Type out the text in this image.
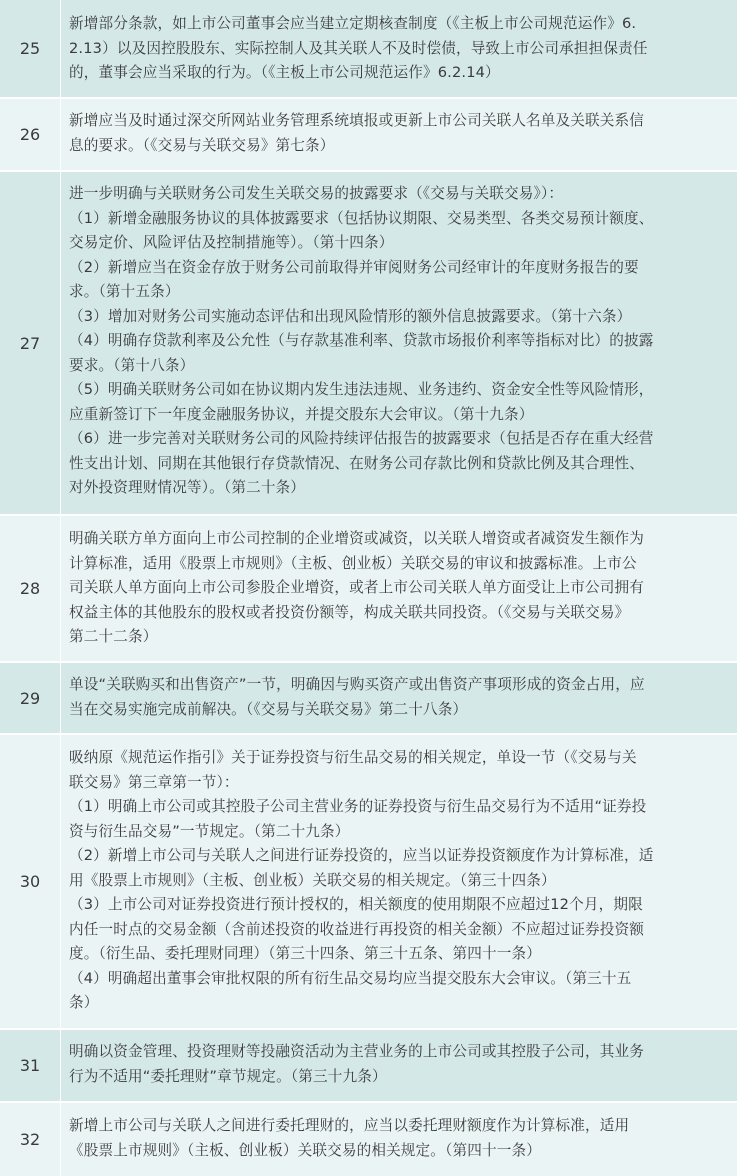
25
新增部分条款，如上市公司董事会应当建立定期核查制度（《主板上市公司规范运作》6.
2.13）以及因控股股东、实际控制人及其关联人不及时偿债，导致上市公司承担担保责任
的，董事会应当采取的行为。（《主板上市公司规范运作》6.2.14）
26
新增应当及时通过深交所网站业务管理系统填报或更新上市公司关联人名单及关联关系信
息的要求。（《交易与关联交易》第七条）
27
进一步明确与关联财务公司发生关联交易的披露要求（《交易与关联交易》）：
（1）新增金融服务协议的具体披露要求（包括协议期限、交易类型、各类交易预计额度、
交易定价、风险评估及控制措施等）。（第十四条）
（2）新增应当在资金存放于财务公司前取得并审阅财务公司经审计的年度财务报告的要
求。（第十五条）
（3）增加对财务公司实施动态评估和出现风险情形的额外信息披露要求。（第十六条）
（4）明确存贷款利率及公允性（与存款基准利率、贷款市场报价利率等指标对比）的披露
要求。（第十八条）
（5）明确关联财务公司如在协议期内发生违法违规、业务违约、资金安全性等风险情形，
应重新签订下一年度金融服务协议，并提交股东大会审议。（第十九条）
（6）进一步完善对关联财务公司的风险持续评估报告的披露要求（包括是否存在重大经营
性支出计划、同期在其他银行存贷款情况、在财务公司存款比例和贷款比例及其合理性、
对外投资理财情况等）。（第二十条）
28
明确关联方单方面向上市公司控制的企业增资或减资，以关联人增资或者减资发生额作为
计算标准，适用《股票上市规则》（主板、创业板）关联交易的审议和披露标准。上市公
司关联人单方面向上市公司参股企业增资，或者上市公司关联人单方面受让上市公司拥有
权益主体的其他股东的股权或者投资份额等，构成关联共同投资。（《交易与关联交易》
第二十二条）
29
单设“关联购买和出售资产”一节，明确因与购买资产或出售资产事项形成的资金占用，应
当在交易实施完成前解决。（《交易与关联交易》第二十八条）
30
吸纳原《规范运作指引》关于证券投资与衍生品交易的相关规定，单设一节（《交易与关
联交易》第三章第一节）：
（1）明确上市公司或其控股子公司主营业务的证券投资与衍生品交易行为不适用“证券投
资与衍生品交易”一节规定。（第二十九条）
（2）新增上市公司与关联人之间进行证券投资的，应当以证券投资额度作为计算标准，适
用《股票上市规则》（主板、创业板）关联交易的相关规定。（第三十四条）
（3）上市公司对证券投资进行预计授权的，相关额度的使用期限不应超过12个月，期限
内任一时点的交易金额（含前述投资的收益进行再投资的相关金额）不应超过证券投资额
度。（衍生品、委托理财同理）（第三十四条、第三十五条、第四十一条）
（4）明确超出董事会审批权限的所有衍生品交易均应当提交股东大会审议。（第三十五
条）
31
明确以资金管理、投资理财等投融资活动为主营业务的上市公司或其控股子公司，其业务
行为不适用“委托理财”章节规定。（第三十九条）
32
新增上市公司与关联人之间进行委托理财的，应当以委托理财额度作为计算标准，适用
《股票上市规则》（主板、创业板）关联交易的相关规定。（第四十一条）
